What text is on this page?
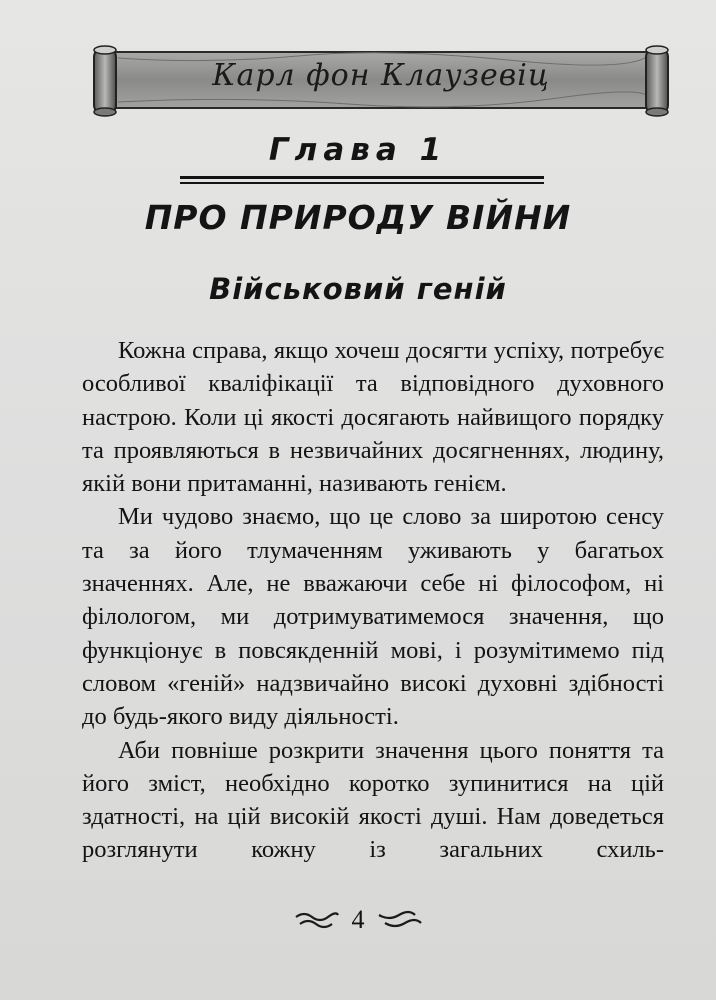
Карл фон Клаузевіц
Глава 1
ПРО ПРИРОДУ ВІЙНИ
Військовий геній

Кожна справа, якщо хочеш досягти успіху, потребує особливої кваліфікації та відповідного духовного настрою. Коли ці якості досягають найвищого порядку та проявляються в незвичайних досягненнях, людину, якій вони притаманні, називають генієм.

Ми чудово знаємо, що це слово за широтою сенсу та за його тлумаченням уживають у багатьох значеннях. Але, не вважаючи себе ні філософом, ні філологом, ми дотримуватимемося значення, що функціонує в повсякденній мові, і розумітимемо під словом «геній» надзвичайно високі духовні здібності до будь-якого виду діяльності.

Аби повніше розкрити значення цього поняття та його зміст, необхідно коротко зупинитися на цій здатності, на цій високій якості душі. Нам доведеться розглянути кожну із загальних схиль-

4
